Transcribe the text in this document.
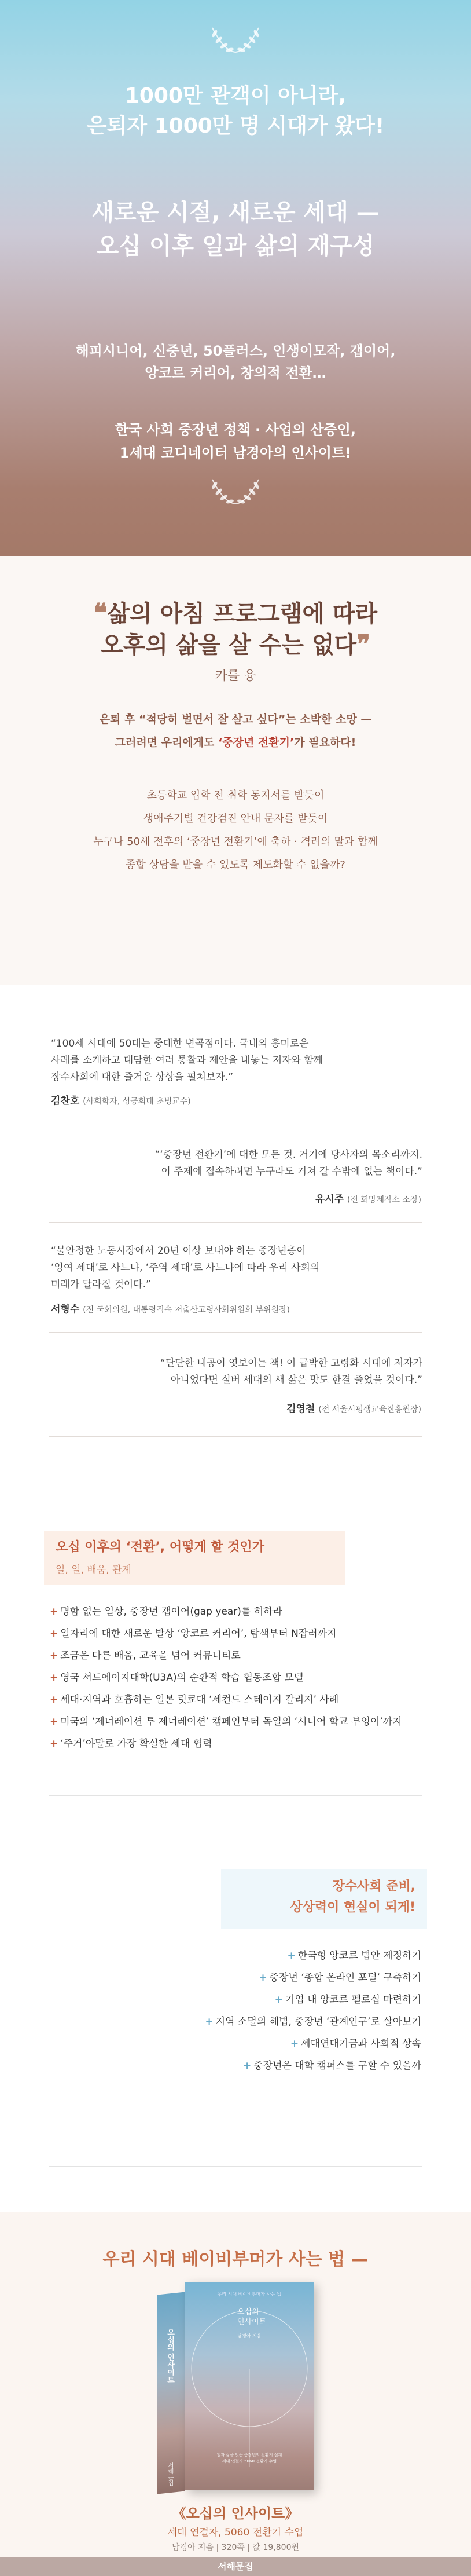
1000만 관객이 아니라,
은퇴자 1000만 명 시대가 왔다!
새로운 시절, 새로운 세대 —
오십 이후 일과 삶의 재구성
해피시니어, 신중년, 50플러스, 인생이모작, 갭이어,
앙코르 커리어, 창의적 전환…
한국 사회 중장년 정책 · 사업의 산증인,
1세대 코디네이터 남경아의 인사이트!
❝삶의 아침 프로그램에 따라
오후의 삶을 살 수는 없다❞
카를 융
은퇴 후 “적당히 벌면서 잘 살고 싶다”는 소박한 소망 —
그러려면 우리에게도 ‘중장년 전환기’가 필요하다!
초등학교 입학 전 취학 통지서를 받듯이
생애주기별 건강검진 안내 문자를 받듯이
누구나 50세 전후의 ‘중장년 전환기’에 축하 · 격려의 말과 함께
종합 상담을 받을 수 있도록 제도화할 수 없을까?
“100세 시대에 50대는 중대한 변곡점이다. 국내외 흥미로운
사례를 소개하고 대담한 여러 통찰과 제안을 내놓는 저자와 함께
장수사회에 대한 즐거운 상상을 펼쳐보자.”
김찬호 (사회학자, 성공회대 초빙교수)
“‘중장년 전환기’에 대한 모든 것. 거기에 당사자의 목소리까지.
이 주제에 접속하려면 누구라도 거쳐 갈 수밖에 없는 책이다.”
유시주 (전 희망제작소 소장)
“불안정한 노동시장에서 20년 이상 보내야 하는 중장년층이
‘잉여 세대’로 사느냐, ‘주역 세대’로 사느냐에 따라 우리 사회의
미래가 달라질 것이다.”
서형수 (전 국회의원, 대통령직속 저출산고령사회위원회 부위원장)
“단단한 내공이 엿보이는 책! 이 급박한 고령화 시대에 저자가
아니었다면 실버 세대의 새 삶은 맛도 한결 줄었을 것이다.”
김영철 (전 서울시평생교육진흥원장)
오십 이후의 ‘전환’, 어떻게 할 것인가
일, 일, 배움, 관계
+ 명함 없는 일상, 중장년 갭이어(gap year)를 허하라
+ 일자리에 대한 새로운 발상 ‘앙코르 커리어’, 탐색부터 N잡러까지
+ 조금은 다른 배움, 교육을 넘어 커뮤니티로
+ 영국 서드에이지대학(U3A)의 순환적 학습 협동조합 모델
+ 세대·지역과 호흡하는 일본 릿쿄대 ‘세컨드 스테이지 칼리지’ 사례
+ 미국의 ‘제너레이션 투 제너레이션’ 캠페인부터 독일의 ‘시니어 학교 부엉이’까지
+ ‘주거’야말로 가장 확실한 세대 협력
장수사회 준비,
상상력이 현실이 되게!
+ 한국형 앙코르 법안 제정하기
+ 중장년 ‘종합 온라인 포털’ 구축하기
+ 기업 내 앙코르 펠로십 마련하기
+ 지역 소멸의 해법, 중장년 ‘관계인구’로 살아보기
+ 세대연대기금과 사회적 상속
+ 중장년은 대학 캠퍼스를 구할 수 있을까
우리 시대 베이비부머가 사는 법 —
오십의 인사이트
서해문집
우리 시대 베이비부머가 사는 법
오십의
인사이트
남경아 지음
일과 삶을 잇는 중장년의 전환기 설계
세대 연결자 5060 전환기 수업
《오십의 인사이트》
세대 연결자, 5060 전환기 수업
남경아 지음 | 320쪽 | 값 19,800원
서해문집
